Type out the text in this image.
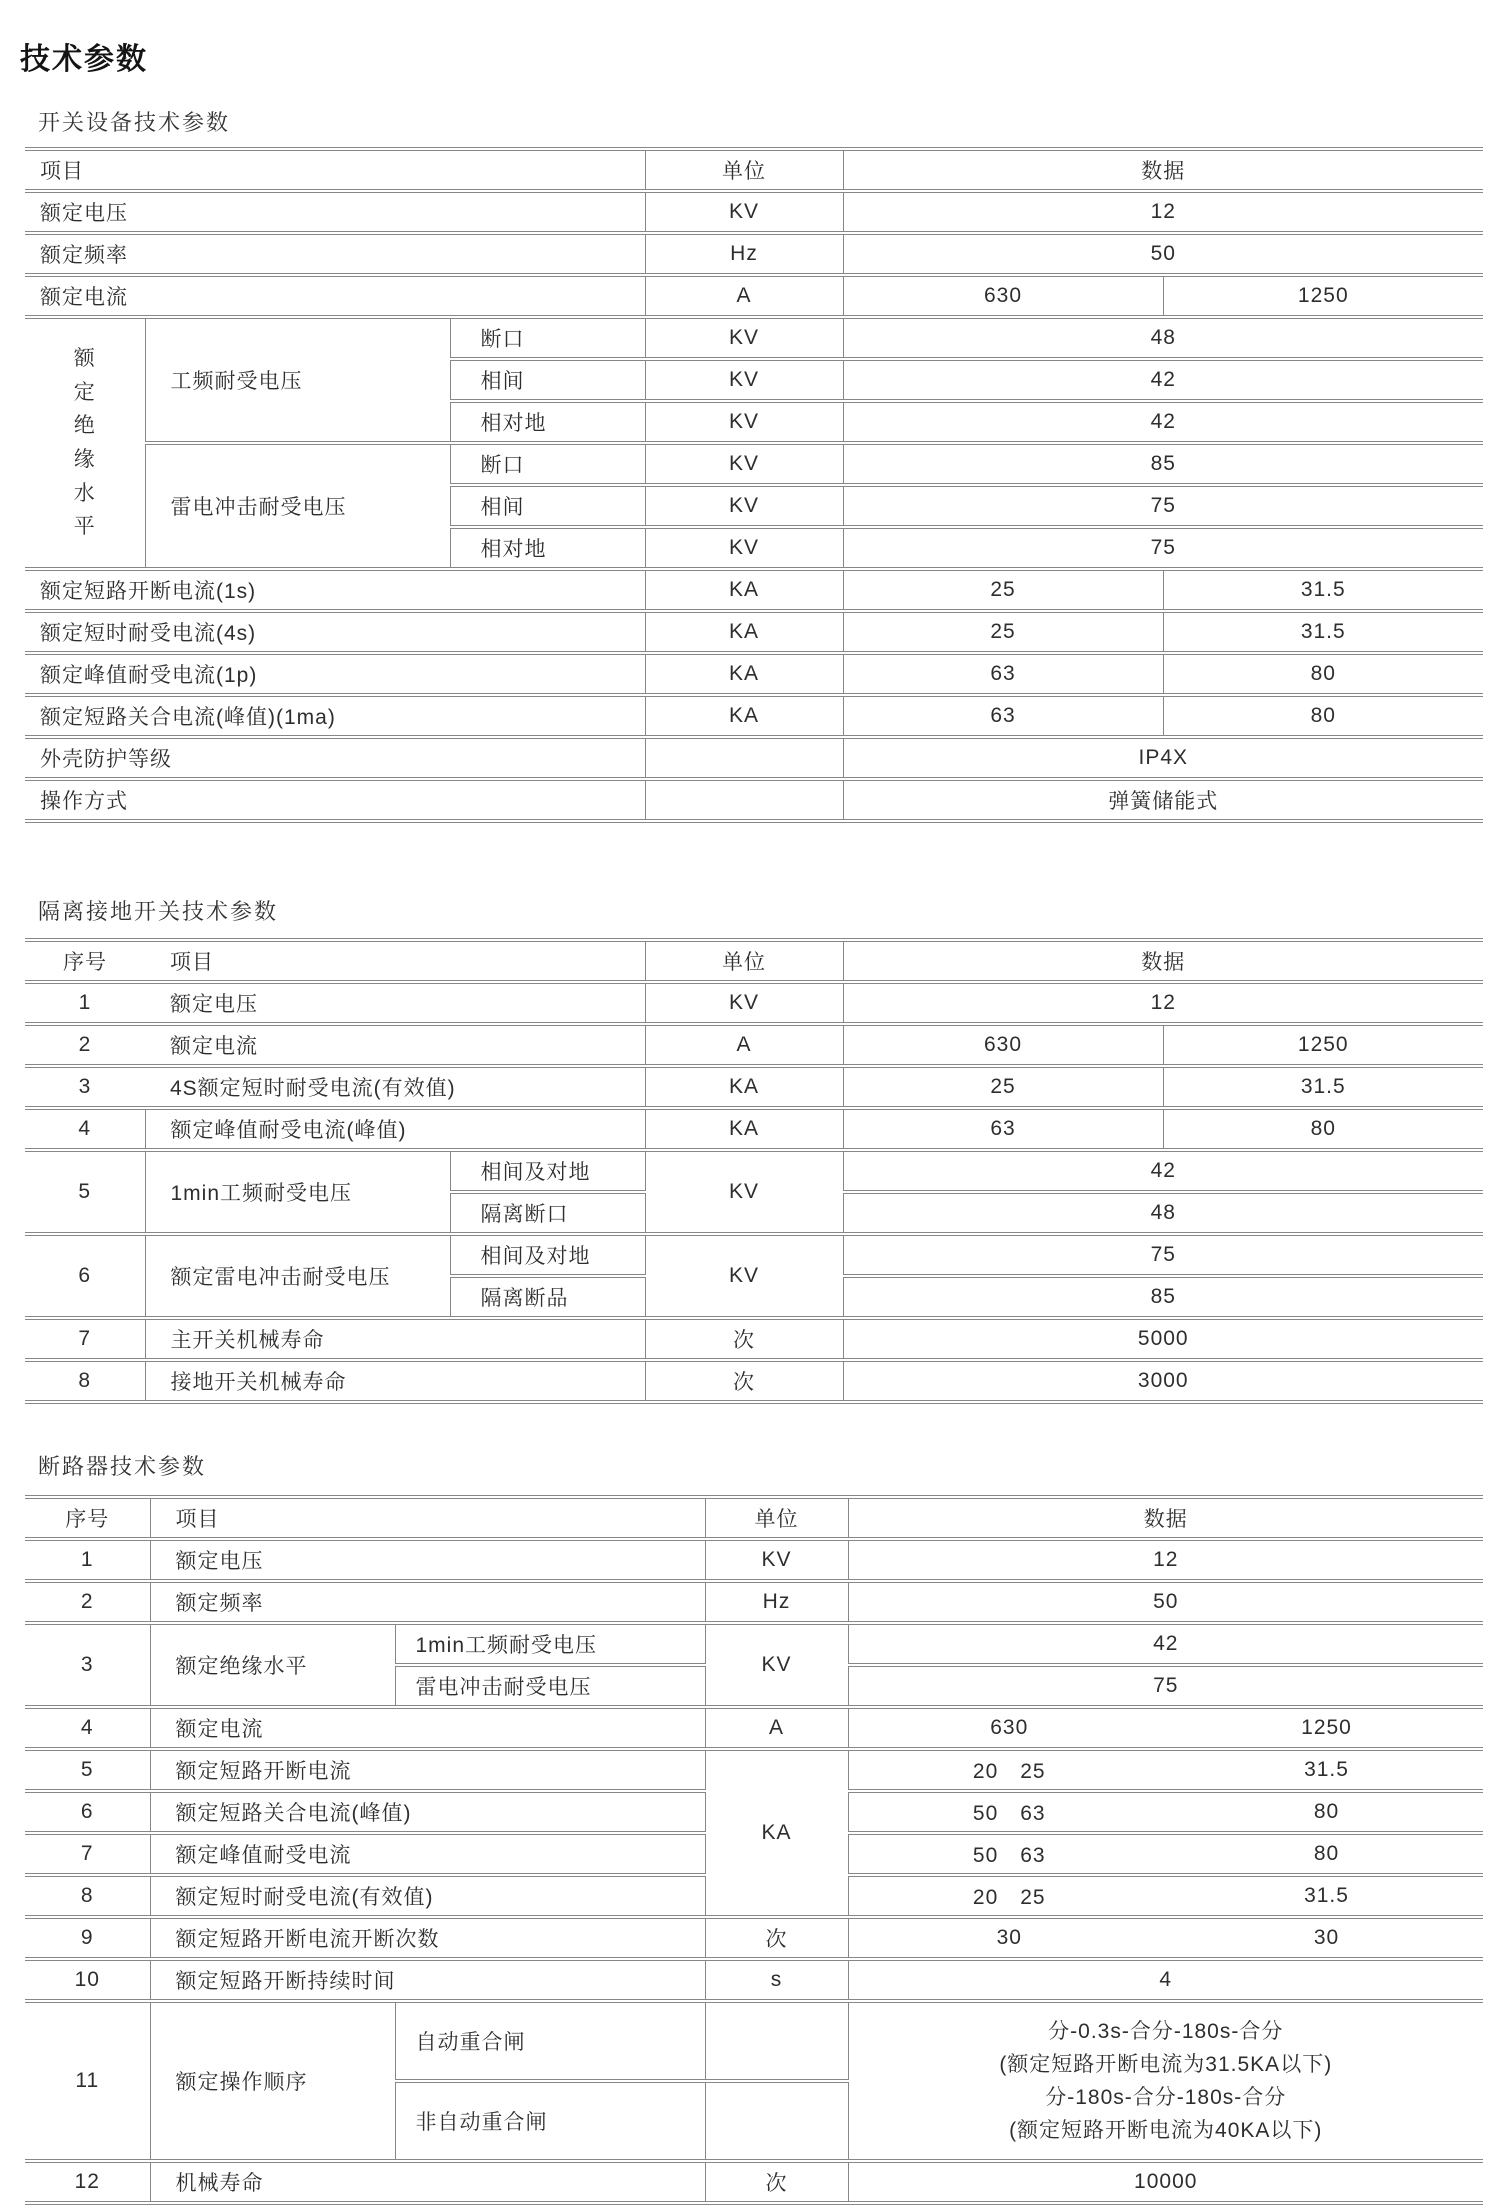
技术参数
开关设备技术参数
项目			单位	数据	
额定电压			KV	12	
额定频率			Hz	50	
额定电流			A	630	1250

额定绝缘水平	工频耐受电压	断口	KV	48	
		相间	KV	42	
		相对地	KV	42	
	雷电冲击耐受电压	断口	KV	85	
		相间	KV	75	
		相对地	KV	75	
额定短路开断电流(1s)			KA	25	31.5
额定短时耐受电流(4s)			KA	25	31.5
额定峰值耐受电流(1p)			KA	63	80
额定短路关合电流(峰值)(1ma)			KA	63	80
外壳防护等级				IP4X	
操作方式				弹簧储能式	
隔离接地开关技术参数
序号	项目		单位	数据	
1	额定电压		KV	12	
2	额定电流		A	630	1250
3	4S额定短时耐受电流(有效值)		KA	25	31.5
4	额定峰值耐受电流(峰值)		KA	63	80
5	1min工频耐受电压	相间及对地	KV	42	
		隔离断口		48	
6	额定雷电冲击耐受电压	相间及对地	KV	75	
		隔离断品		85	
7	主开关机械寿命		次	5000	
8	接地开关机械寿命		次	3000	
断路器技术参数
序号	项目		单位	数据	
1	额定电压		KV	12	
2	额定频率		Hz	50	
3	额定绝缘水平	1min工频耐受电压	KV	42	
		雷电冲击耐受电压		75	
4	额定电流		A	630	1250
5	额定短路开断电流		KA	20　25	31.5
6	额定短路关合电流(峰值)			50　63	80
7	额定峰值耐受电流			50　63	80
8	额定短时耐受电流(有效值)			20　25	31.5
9	额定短路开断电流开断次数		次	30	30
10	额定短路开断持续时间		s	4	
11	额定操作顺序	自动重合闸		分-0.3s-合分-180s-合分
(额定短路开断电流为31.5KA以下)
分-180s-合分-180s-合分
(额定短路开断电流为40KA以下)	

		非自动重合闸			
12	机械寿命		次	10000	
